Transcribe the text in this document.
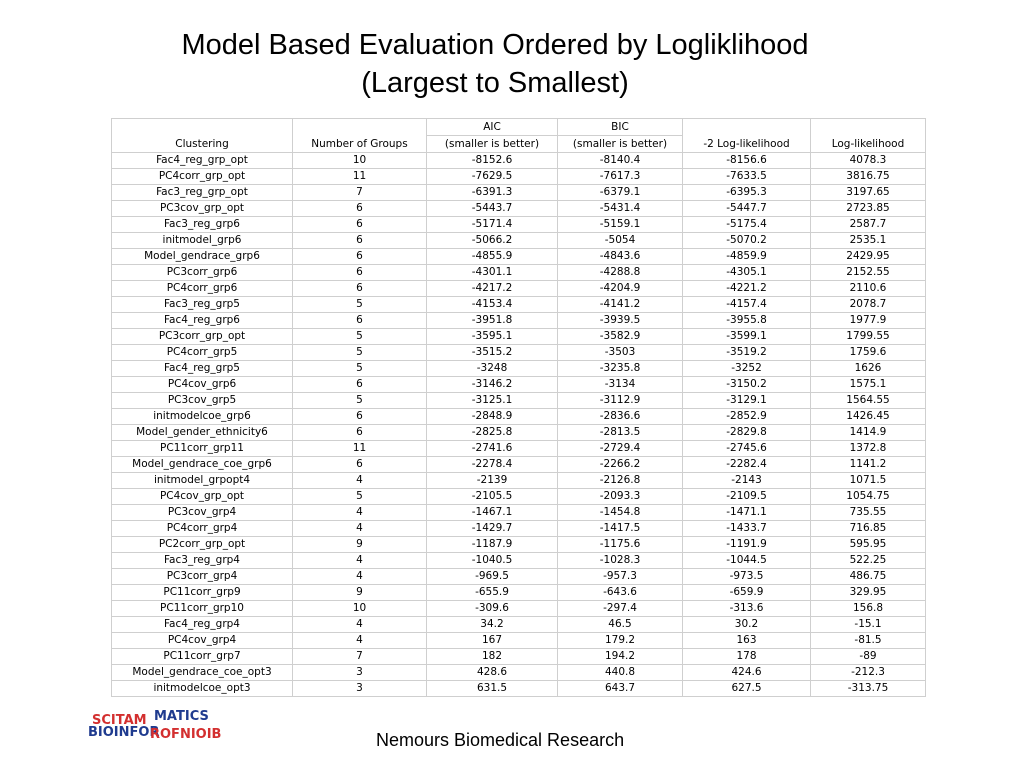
Model Based Evaluation Ordered by Logliklihood
(Largest to Smallest)
Clustering	Number of Groups	AIC	BIC	-2 Log-likelihood	Log-likelihood
		(smaller is better)	(smaller is better)		
Fac4_reg_grp_opt	10	-8152.6	-8140.4	-8156.6	4078.3
PC4corr_grp_opt	11	-7629.5	-7617.3	-7633.5	3816.75
Fac3_reg_grp_opt	7	-6391.3	-6379.1	-6395.3	3197.65
PC3cov_grp_opt	6	-5443.7	-5431.4	-5447.7	2723.85
Fac3_reg_grp6	6	-5171.4	-5159.1	-5175.4	2587.7
initmodel_grp6	6	-5066.2	-5054	-5070.2	2535.1
Model_gendrace_grp6	6	-4855.9	-4843.6	-4859.9	2429.95
PC3corr_grp6	6	-4301.1	-4288.8	-4305.1	2152.55
PC4corr_grp6	6	-4217.2	-4204.9	-4221.2	2110.6
Fac3_reg_grp5	5	-4153.4	-4141.2	-4157.4	2078.7
Fac4_reg_grp6	6	-3951.8	-3939.5	-3955.8	1977.9
PC3corr_grp_opt	5	-3595.1	-3582.9	-3599.1	1799.55
PC4corr_grp5	5	-3515.2	-3503	-3519.2	1759.6
Fac4_reg_grp5	5	-3248	-3235.8	-3252	1626
PC4cov_grp6	6	-3146.2	-3134	-3150.2	1575.1
PC3cov_grp5	5	-3125.1	-3112.9	-3129.1	1564.55
initmodelcoe_grp6	6	-2848.9	-2836.6	-2852.9	1426.45
Model_gender_ethnicity6	6	-2825.8	-2813.5	-2829.8	1414.9
PC11corr_grp11	11	-2741.6	-2729.4	-2745.6	1372.8
Model_gendrace_coe_grp6	6	-2278.4	-2266.2	-2282.4	1141.2
initmodel_grpopt4	4	-2139	-2126.8	-2143	1071.5
PC4cov_grp_opt	5	-2105.5	-2093.3	-2109.5	1054.75
PC3cov_grp4	4	-1467.1	-1454.8	-1471.1	735.55
PC4corr_grp4	4	-1429.7	-1417.5	-1433.7	716.85
PC2corr_grp_opt	9	-1187.9	-1175.6	-1191.9	595.95
Fac3_reg_grp4	4	-1040.5	-1028.3	-1044.5	522.25
PC3corr_grp4	4	-969.5	-957.3	-973.5	486.75
PC11corr_grp9	9	-655.9	-643.6	-659.9	329.95
PC11corr_grp10	10	-309.6	-297.4	-313.6	156.8
Fac4_reg_grp4	4	34.2	46.5	30.2	-15.1
PC4cov_grp4	4	167	179.2	163	-81.5
PC11corr_grp7	7	182	194.2	178	-89
Model_gendrace_coe_opt3	3	428.6	440.8	424.6	-212.3
initmodelcoe_opt3	3	631.5	643.7	627.5	-313.75
MATICS
BIOINFOR
SCITAM
ROFNIOIB	Nemours Biomedical Research
